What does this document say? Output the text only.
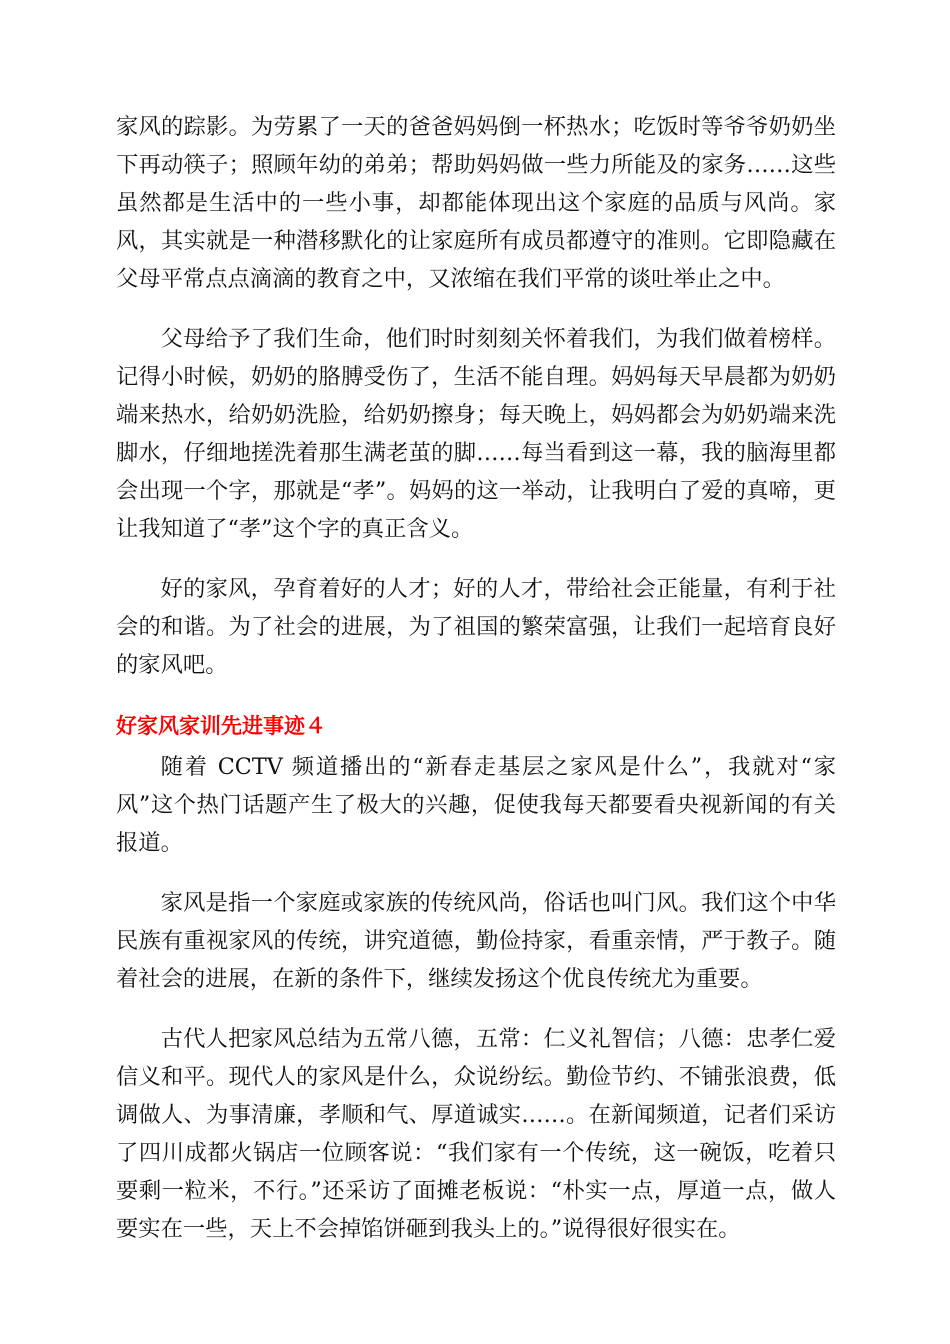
家风的踪影。为劳累了一天的爸爸妈妈倒一杯热水；吃饭时等爷爷奶奶坐下再动筷子；照顾年幼的弟弟；帮助妈妈做一些力所能及的家务……这些虽然都是生活中的一些小事，却都能体现出这个家庭的品质与风尚。家风，其实就是一种潜移默化的让家庭所有成员都遵守的准则。它即隐藏在父母平常点点滴滴的教育之中，又浓缩在我们平常的谈吐举止之中。

父母给予了我们生命，他们时时刻刻关怀着我们，为我们做着榜样。记得小时候，奶奶的胳膊受伤了，生活不能自理。妈妈每天早晨都为奶奶端来热水，给奶奶洗脸，给奶奶擦身；每天晚上，妈妈都会为奶奶端来洗脚水，仔细地搓洗着那生满老茧的脚……每当看到这一幕，我的脑海里都会出现一个字，那就是“孝”。妈妈的这一举动，让我明白了爱的真啼，更让我知道了“孝”这个字的真正含义。

好的家风，孕育着好的人才；好的人才，带给社会正能量，有利于社会的和谐。为了社会的进展，为了祖国的繁荣富强，让我们一起培育良好的家风吧。

好家风家训先进事迹４

随着 CCTV 频道播出的“新春走基层之家风是什么”，我就对“家风”这个热门话题产生了极大的兴趣，促使我每天都要看央视新闻的有关报道。

家风是指一个家庭或家族的传统风尚，俗话也叫门风。我们这个中华民族有重视家风的传统，讲究道德，勤俭持家，看重亲情，严于教子。随着社会的进展，在新的条件下，继续发扬这个优良传统尤为重要。

古代人把家风总结为五常八德，五常：仁义礼智信；八德：忠孝仁爱信义和平。现代人的家风是什么，众说纷纭。勤俭节约、不铺张浪费，低调做人、为事清廉，孝顺和气、厚道诚实……。在新闻频道，记者们采访了四川成都火锅店一位顾客说：“我们家有一个传统，这一碗饭，吃着只要剩一粒米，不行。”还采访了面摊老板说：“朴实一点，厚道一点，做人要实在一些，天上不会掉馅饼砸到我头上的。”说得很好很实在。
